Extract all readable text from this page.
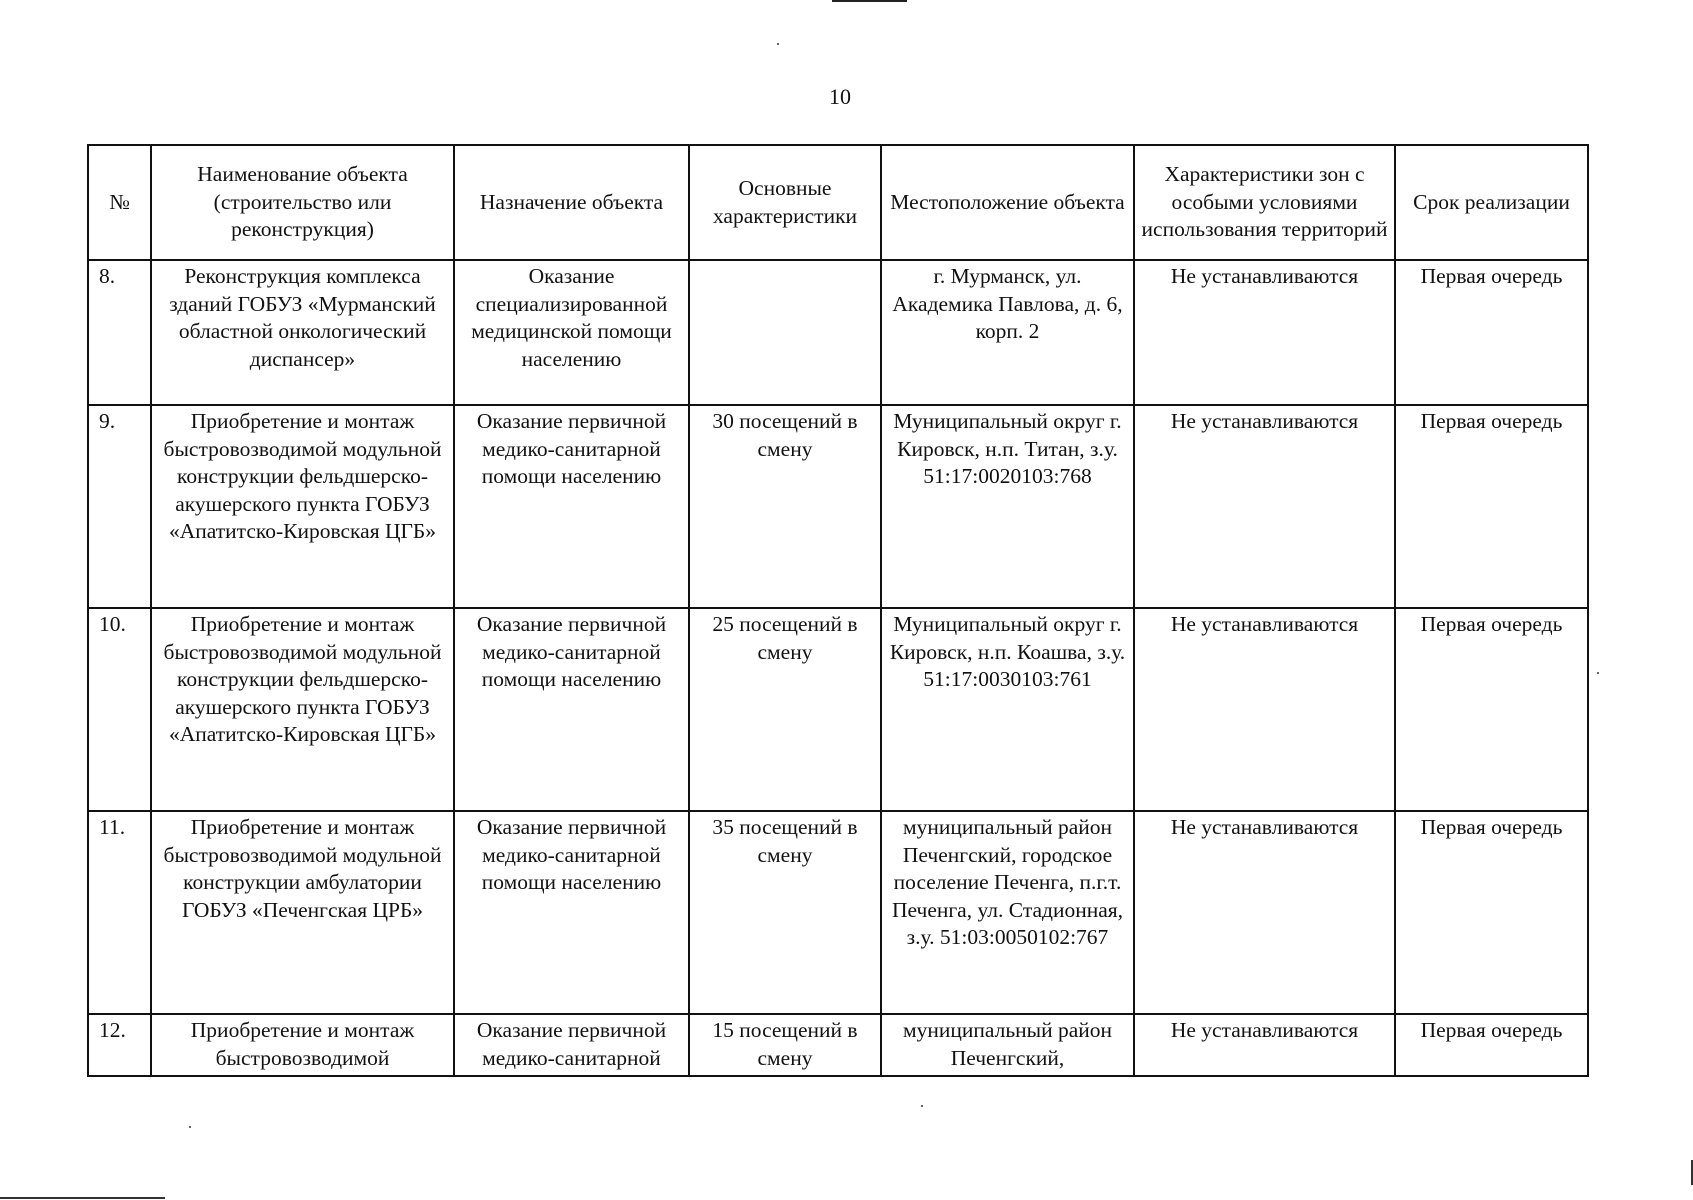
10
№	Наименование объекта (строительство или реконструкция)	Назначение объекта	Основные характеристики	Местоположение объекта	Характеристики зон с особыми условиями использования территорий	Срок реализации
8.	Реконструкция комплекса зданий ГОБУЗ «Мурманский областной онкологический диспансер»	Оказание специализированной медицинской помощи населению		г. Мурманск, ул. Академика Павлова, д. 6, корп. 2	Не устанавливаются	Первая очередь
9.	Приобретение и монтаж быстровозводимой модульной конструкции фельдшерско-акушерского пункта ГОБУЗ «Апатитско-Кировская ЦГБ»	Оказание первичной медико-санитарной помощи населению	30 посещений в смену	Муниципальный округ г. Кировск, н.п. Титан, з.у. 51:17:0020103:768	Не устанавливаются	Первая очередь
10.	Приобретение и монтаж быстровозводимой модульной конструкции фельдшерско-акушерского пункта ГОБУЗ «Апатитско-Кировская ЦГБ»	Оказание первичной медико-санитарной помощи населению	25 посещений в смену	Муниципальный округ г. Кировск, н.п. Коашва, з.у. 51:17:0030103:761	Не устанавливаются	Первая очередь
11.	Приобретение и монтаж быстровозводимой модульной конструкции амбулатории ГОБУЗ «Печенгская ЦРБ»	Оказание первичной медико-санитарной помощи населению	35 посещений в смену	муниципальный район Печенгский, городское поселение Печенга, п.г.т. Печенга, ул. Стадионная, з.у. 51:03:0050102:767	Не устанавливаются	Первая очередь
12.	Приобретение и монтаж быстровозводимой	Оказание первичной медико-санитарной	15 посещений в смену	муниципальный район Печенгский,	Не устанавливаются	Первая очередь
